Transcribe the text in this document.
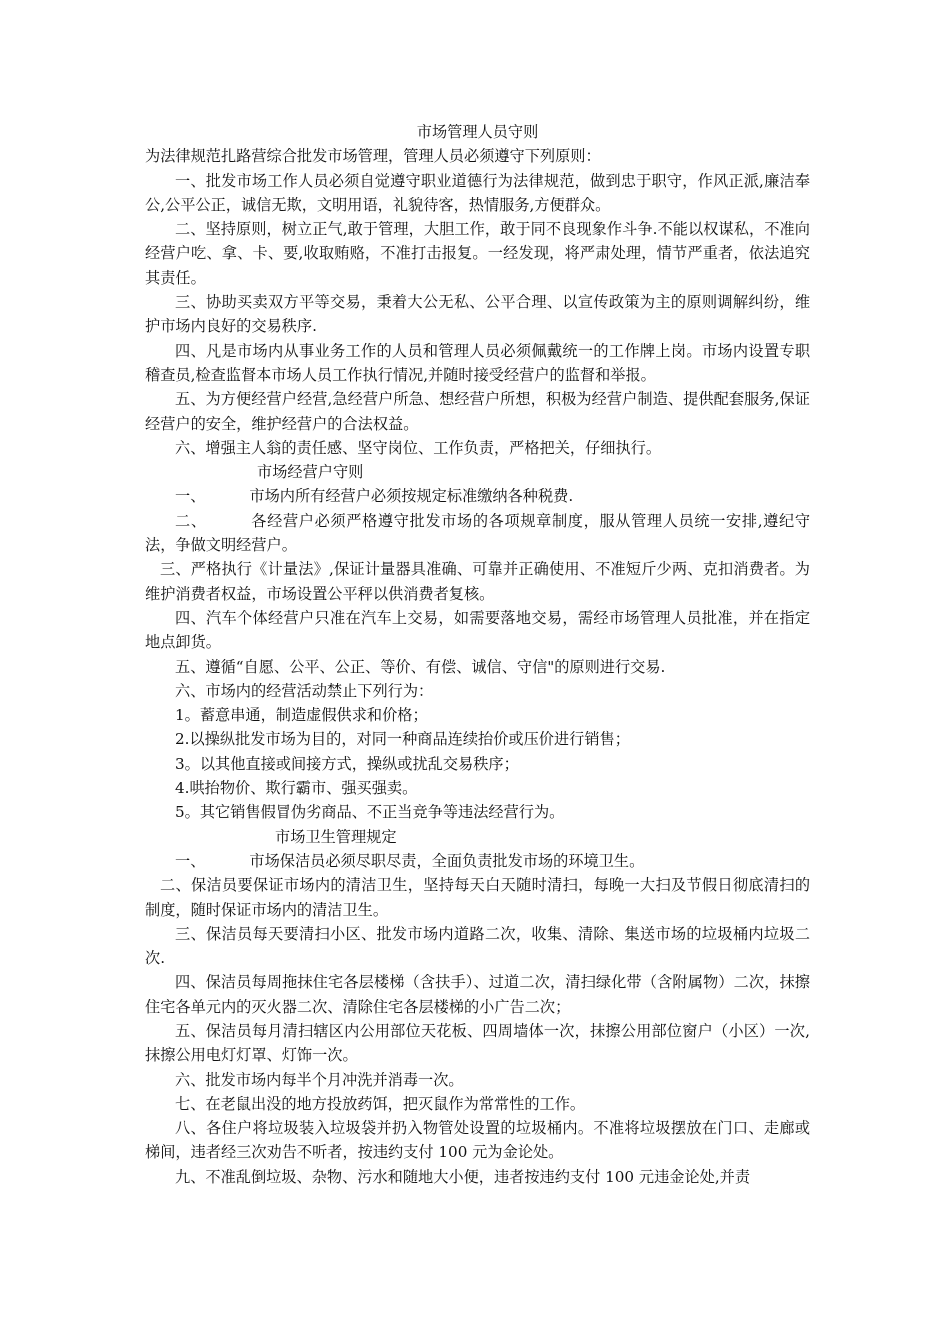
市场管理人员守则

为法律规范扎路营综合批发市场管理，管理人员必须遵守下列原则：

一、批发市场工作人员必须自觉遵守职业道德行为法律规范，做到忠于职守，作风正派,廉洁奉公,公平公正，诚信无欺，文明用语，礼貌待客，热情服务,方便群众。

二、坚持原则，树立正气,敢于管理，大胆工作，敢于同不良现象作斗争.不能以权谋私，不准向经营户吃、拿、卡、要,收取贿赂，不准打击报复。一经发现，将严肃处理，情节严重者，依法追究其责任。

三、协助买卖双方平等交易，秉着大公无私、公平合理、以宣传政策为主的原则调解纠纷，维护市场内良好的交易秩序.

四、凡是市场内从事业务工作的人员和管理人员必须佩戴统一的工作牌上岗。市场内设置专职稽查员,检查监督本市场人员工作执行情况,并随时接受经营户的监督和举报。

五、为方便经营户经营,急经营户所急、想经营户所想，积极为经营户制造、提供配套服务,保证经营户的安全，维护经营户的合法权益。

六、增强主人翁的责任感、坚守岗位、工作负责，严格把关，仔细执行。

市场经营户守则

一、	市场内所有经营户必须按规定标准缴纳各种税费.

二、	各经营户必须严格遵守批发市场的各项规章制度，服从管理人员统一安排,遵纪守法，争做文明经营户。

三、严格执行《计量法》,保证计量器具准确、可靠并正确使用、不准短斤少两、克扣消费者。为维护消费者权益，市场设置公平秤以供消费者复核。

四、汽车个体经营户只准在汽车上交易，如需要落地交易，需经市场管理人员批准，并在指定地点卸货。

五、遵循“自愿、公平、公正、等价、有偿、诚信、守信"的原则进行交易.

六、市场内的经营活动禁止下列行为：

1。蓄意串通，制造虚假供求和价格；

2.以操纵批发市场为目的，对同一种商品连续抬价或压价进行销售；

3。以其他直接或间接方式，操纵或扰乱交易秩序；

4.哄抬物价、欺行霸市、强买强卖。

5。其它销售假冒伪劣商品、不正当竞争等违法经营行为。

市场卫生管理规定

一、	市场保洁员必须尽职尽责，全面负责批发市场的环境卫生。

二、保洁员要保证市场内的清洁卫生，坚持每天白天随时清扫，每晚一大扫及节假日彻底清扫的制度，随时保证市场内的清洁卫生。

三、保洁员每天要清扫小区、批发市场内道路二次，收集、清除、集送市场的垃圾桶内垃圾二次.

四、保洁员每周拖抹住宅各层楼梯（含扶手）、过道二次，清扫绿化带（含附属物）二次，抹擦住宅各单元内的灭火器二次、清除住宅各层楼梯的小广告二次；

五、保洁员每月清扫辖区内公用部位天花板、四周墙体一次，抹擦公用部位窗户（小区）一次,抹擦公用电灯灯罩、灯饰一次。

六、批发市场内每半个月冲洗并消毒一次。

七、在老鼠出没的地方投放药饵，把灭鼠作为常常性的工作。

八、各住户将垃圾装入垃圾袋并扔入物管处设置的垃圾桶内。不准将垃圾摆放在门口、走廊或梯间，违者经三次劝告不听者，按违约支付 100 元为金论处。

九、不准乱倒垃圾、杂物、污水和随地大小便，违者按违约支付 100 元违金论处,并责
